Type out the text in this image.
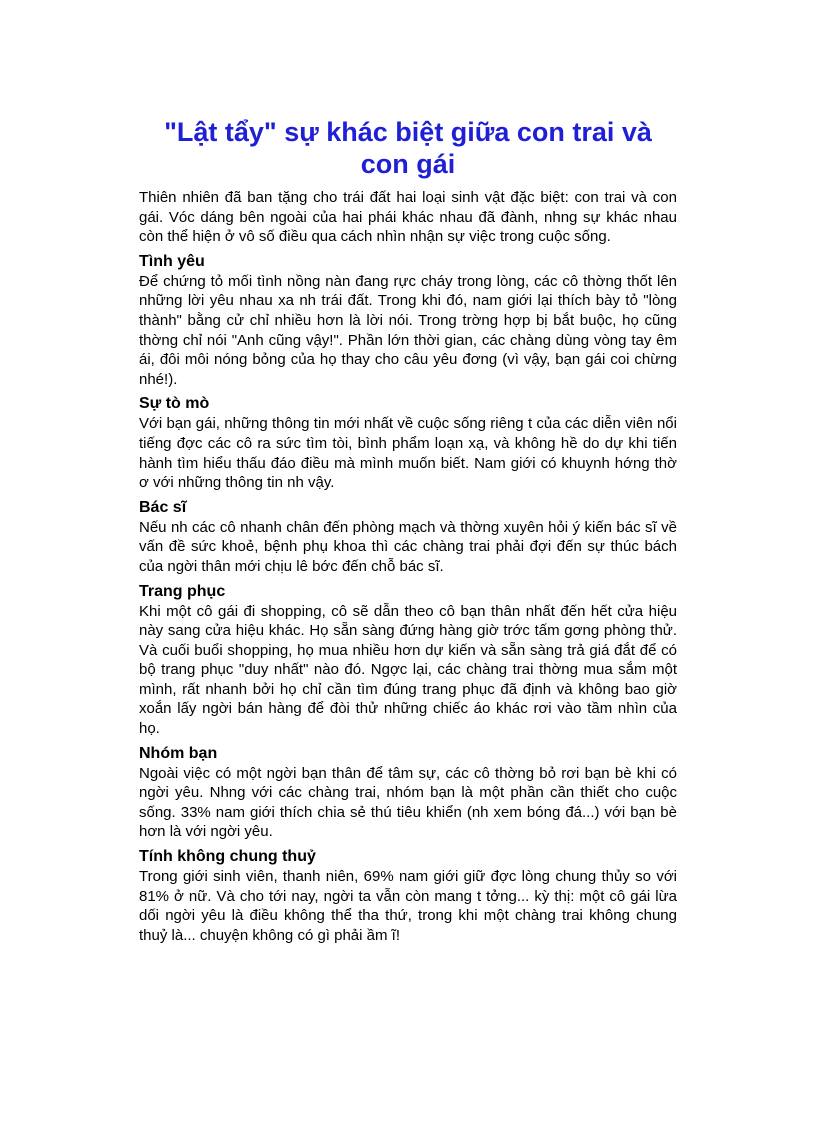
"Lật tẩy" sự khác biệt giữa con trai và con gái

Thiên nhiên đã ban tặng cho trái đất hai loại sinh vật đặc biệt: con trai và con gái. Vóc dáng bên ngoài của hai phái khác nhau đã đành, nhng sự khác nhau còn thể hiện ở vô số điều qua cách nhìn nhận sự việc trong cuộc sống.

Tình yêu

Để chứng tỏ mối tình nồng nàn đang rực cháy trong lòng, các cô thờng thốt lên những lời yêu nhau xa nh trái đất. Trong khi đó, nam giới lại thích bày tỏ "lòng thành" bằng cử chỉ nhiều hơn là lời nói. Trong trờng hợp bị bắt buộc, họ cũng thờng chỉ nói "Anh cũng vậy!". Phần lớn thời gian, các chàng dùng vòng tay êm ái, đôi môi nóng bỏng của họ thay cho câu yêu đơng (vì vậy, bạn gái coi chừng nhé!).

Sự tò mò

Với bạn gái, những thông tin mới nhất về cuộc sống riêng t của các diễn viên nổi tiếng đợc các cô ra sức tìm tòi, bình phẩm loạn xạ, và không hề do dự khi tiến hành tìm hiểu thấu đáo điều mà mình muốn biết. Nam giới có khuynh hớng thờ ơ với những thông tin nh vậy.

Bác sĩ

Nếu nh các cô nhanh chân đến phòng mạch và thờng xuyên hỏi ý kiến bác sĩ về vấn đề sức khoẻ, bệnh phụ khoa thì các chàng trai phải đợi đến sự thúc bách của ngời thân mới chịu lê bớc đến chỗ bác sĩ.

Trang phục

Khi một cô gái đi shopping, cô sẽ dẫn theo cô bạn thân nhất đến hết cửa hiệu này sang cửa hiệu khác. Họ sẵn sàng đứng hàng giờ trớc tấm gơng phòng thử. Và cuối buổi shopping, họ mua nhiều hơn dự kiến và sẵn sàng trả giá đắt để có bộ trang phục "duy nhất" nào đó. Ngợc lại, các chàng trai thờng mua sắm một mình, rất nhanh bởi họ chỉ cần tìm đúng trang phục đã định và không bao giờ xoắn lấy ngời bán hàng để đòi thử những chiếc áo khác rơi vào tầm nhìn của họ.

Nhóm bạn

Ngoài việc có một ngời bạn thân để tâm sự, các cô thờng bỏ rơi bạn bè khi có ngời yêu. Nhng với các chàng trai, nhóm bạn là một phần cần thiết cho cuộc sống. 33% nam giới thích chia sẻ thú tiêu khiển (nh xem bóng đá...) với bạn bè hơn là với ngời yêu.

Tính không chung thuỷ

Trong giới sinh viên, thanh niên, 69% nam giới giữ đợc lòng chung thủy so với 81% ở nữ. Và cho tới nay, ngời ta vẫn còn mang t tởng... kỳ thị: một cô gái lừa dối ngời yêu là điều không thể tha thứ, trong khi một chàng trai không chung thuỷ là... chuyện không có gì phải ầm ĩ!
